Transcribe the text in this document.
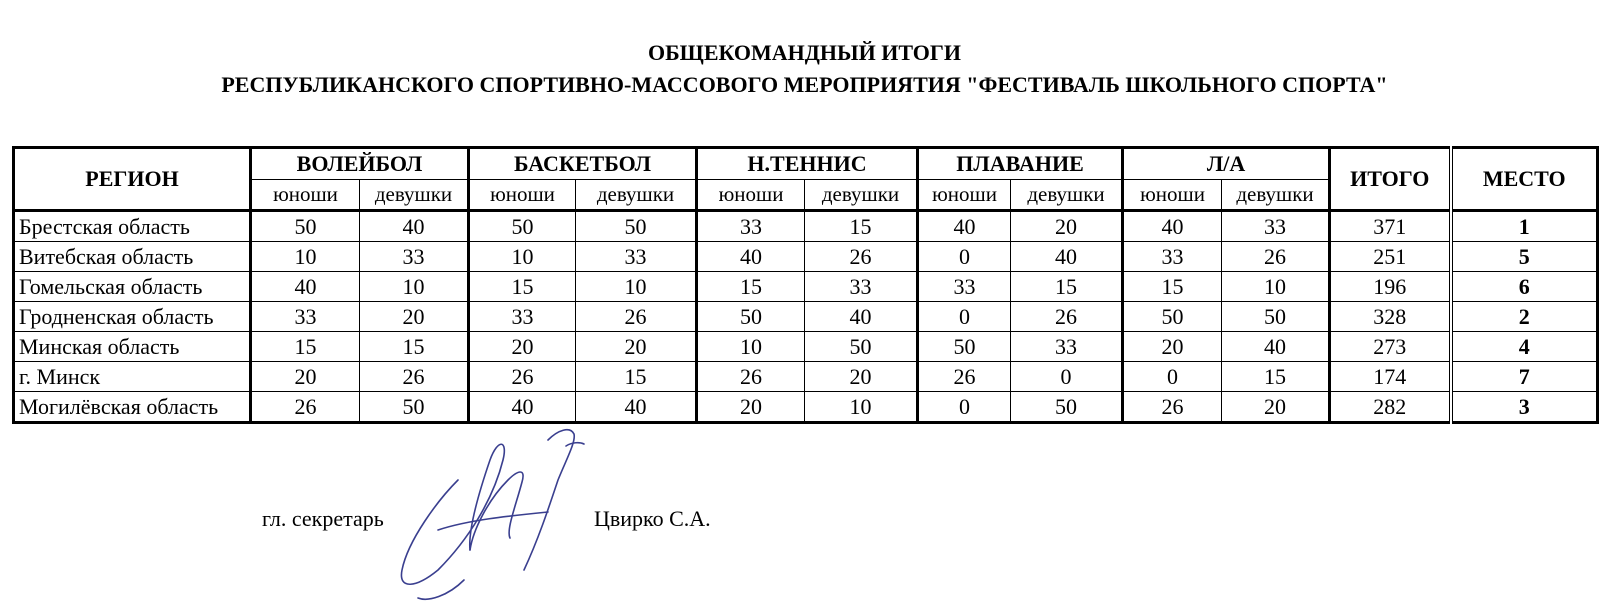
ОБЩЕКОМАНДНЫЙ ИТОГИ
РЕСПУБЛИКАНСКОГО СПОРТИВНО-МАССОВОГО МЕРОПРИЯТИЯ "ФЕСТИВАЛЬ ШКОЛЬНОГО СПОРТА"
РЕГИОН	ВОЛЕЙБОЛ		БАСКЕТБОЛ		Н.ТЕННИС		ПЛАВАНИЕ		Л/А		ИТОГО	МЕСТО
	юноши	девушки	юноши	девушки	юноши	девушки	юноши	девушки	юноши	девушки		
Брестская область	50	40	50	50	33	15	40	20	40	33	371	1
Витебская область	10	33	10	33	40	26	0	40	33	26	251	5
Гомельская область	40	10	15	10	15	33	33	15	15	10	196	6
Гродненская область	33	20	33	26	50	40	0	26	50	50	328	2
Минская область	15	15	20	20	10	50	50	33	20	40	273	4
г. Минск	20	26	26	15	26	20	26	0	0	15	174	7
Могилёвская область	26	50	40	40	20	10	0	50	26	20	282	3
гл. секретарь	Цвирко С.А.
